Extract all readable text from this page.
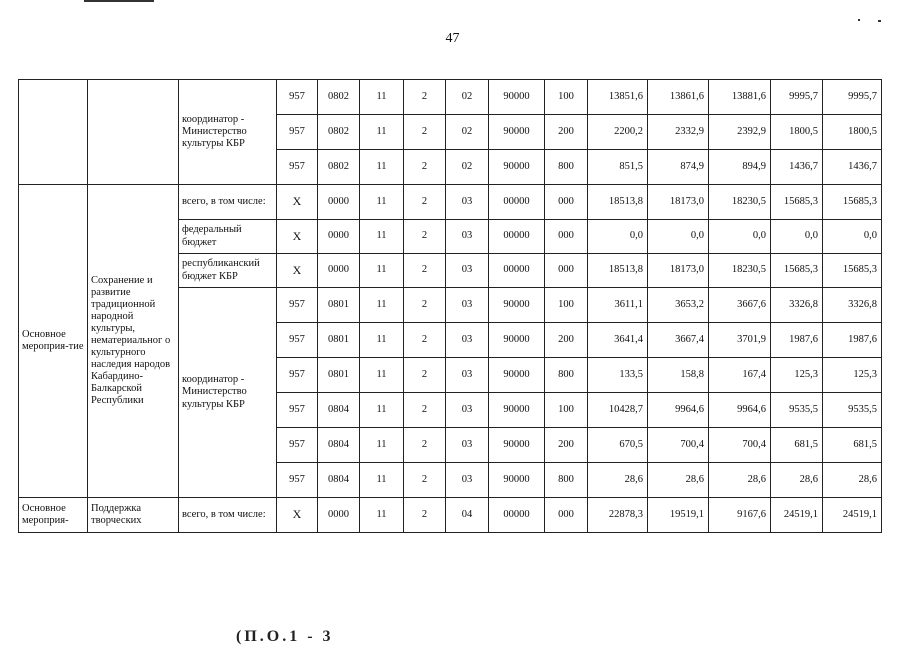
47
		координатор - Министерство культуры КБР	957	0802	11	2	02	90000	100	13851,6	13861,6	13881,6	9995,7	9995,7
			957	0802	11	2	02	90000	200	2200,2	2332,9	2392,9	1800,5	1800,5
			957	0802	11	2	02	90000	800	851,5	874,9	894,9	1436,7	1436,7
Основное мероприя-тие	Сохранение и развитие традиционной народной культуры, нематериальног о культурного наследия народов Кабардино-Балкарской Республики	всего, в том числе:	X	0000	11	2	03	00000	000	18513,8	18173,0	18230,5	15685,3	15685,3
		федеральный бюджет	X	0000	11	2	03	00000	000	0,0	0,0	0,0	0,0	0,0
		республиканский бюджет КБР	X	0000	11	2	03	00000	000	18513,8	18173,0	18230,5	15685,3	15685,3
		координатор - Министерство культуры КБР	957	0801	11	2	03	90000	100	3611,1	3653,2	3667,6	3326,8	3326,8
			957	0801	11	2	03	90000	200	3641,4	3667,4	3701,9	1987,6	1987,6
			957	0801	11	2	03	90000	800	133,5	158,8	167,4	125,3	125,3
			957	0804	11	2	03	90000	100	10428,7	9964,6	9964,6	9535,5	9535,5
			957	0804	11	2	03	90000	200	670,5	700,4	700,4	681,5	681,5
			957	0804	11	2	03	90000	800	28,6	28,6	28,6	28,6	28,6
Основное мероприя-	Поддержка творческих	всего, в том числе:	X	0000	11	2	04	00000	000	22878,3	19519,1	9167,6	24519,1	24519,1
(П.О.1 - 3
